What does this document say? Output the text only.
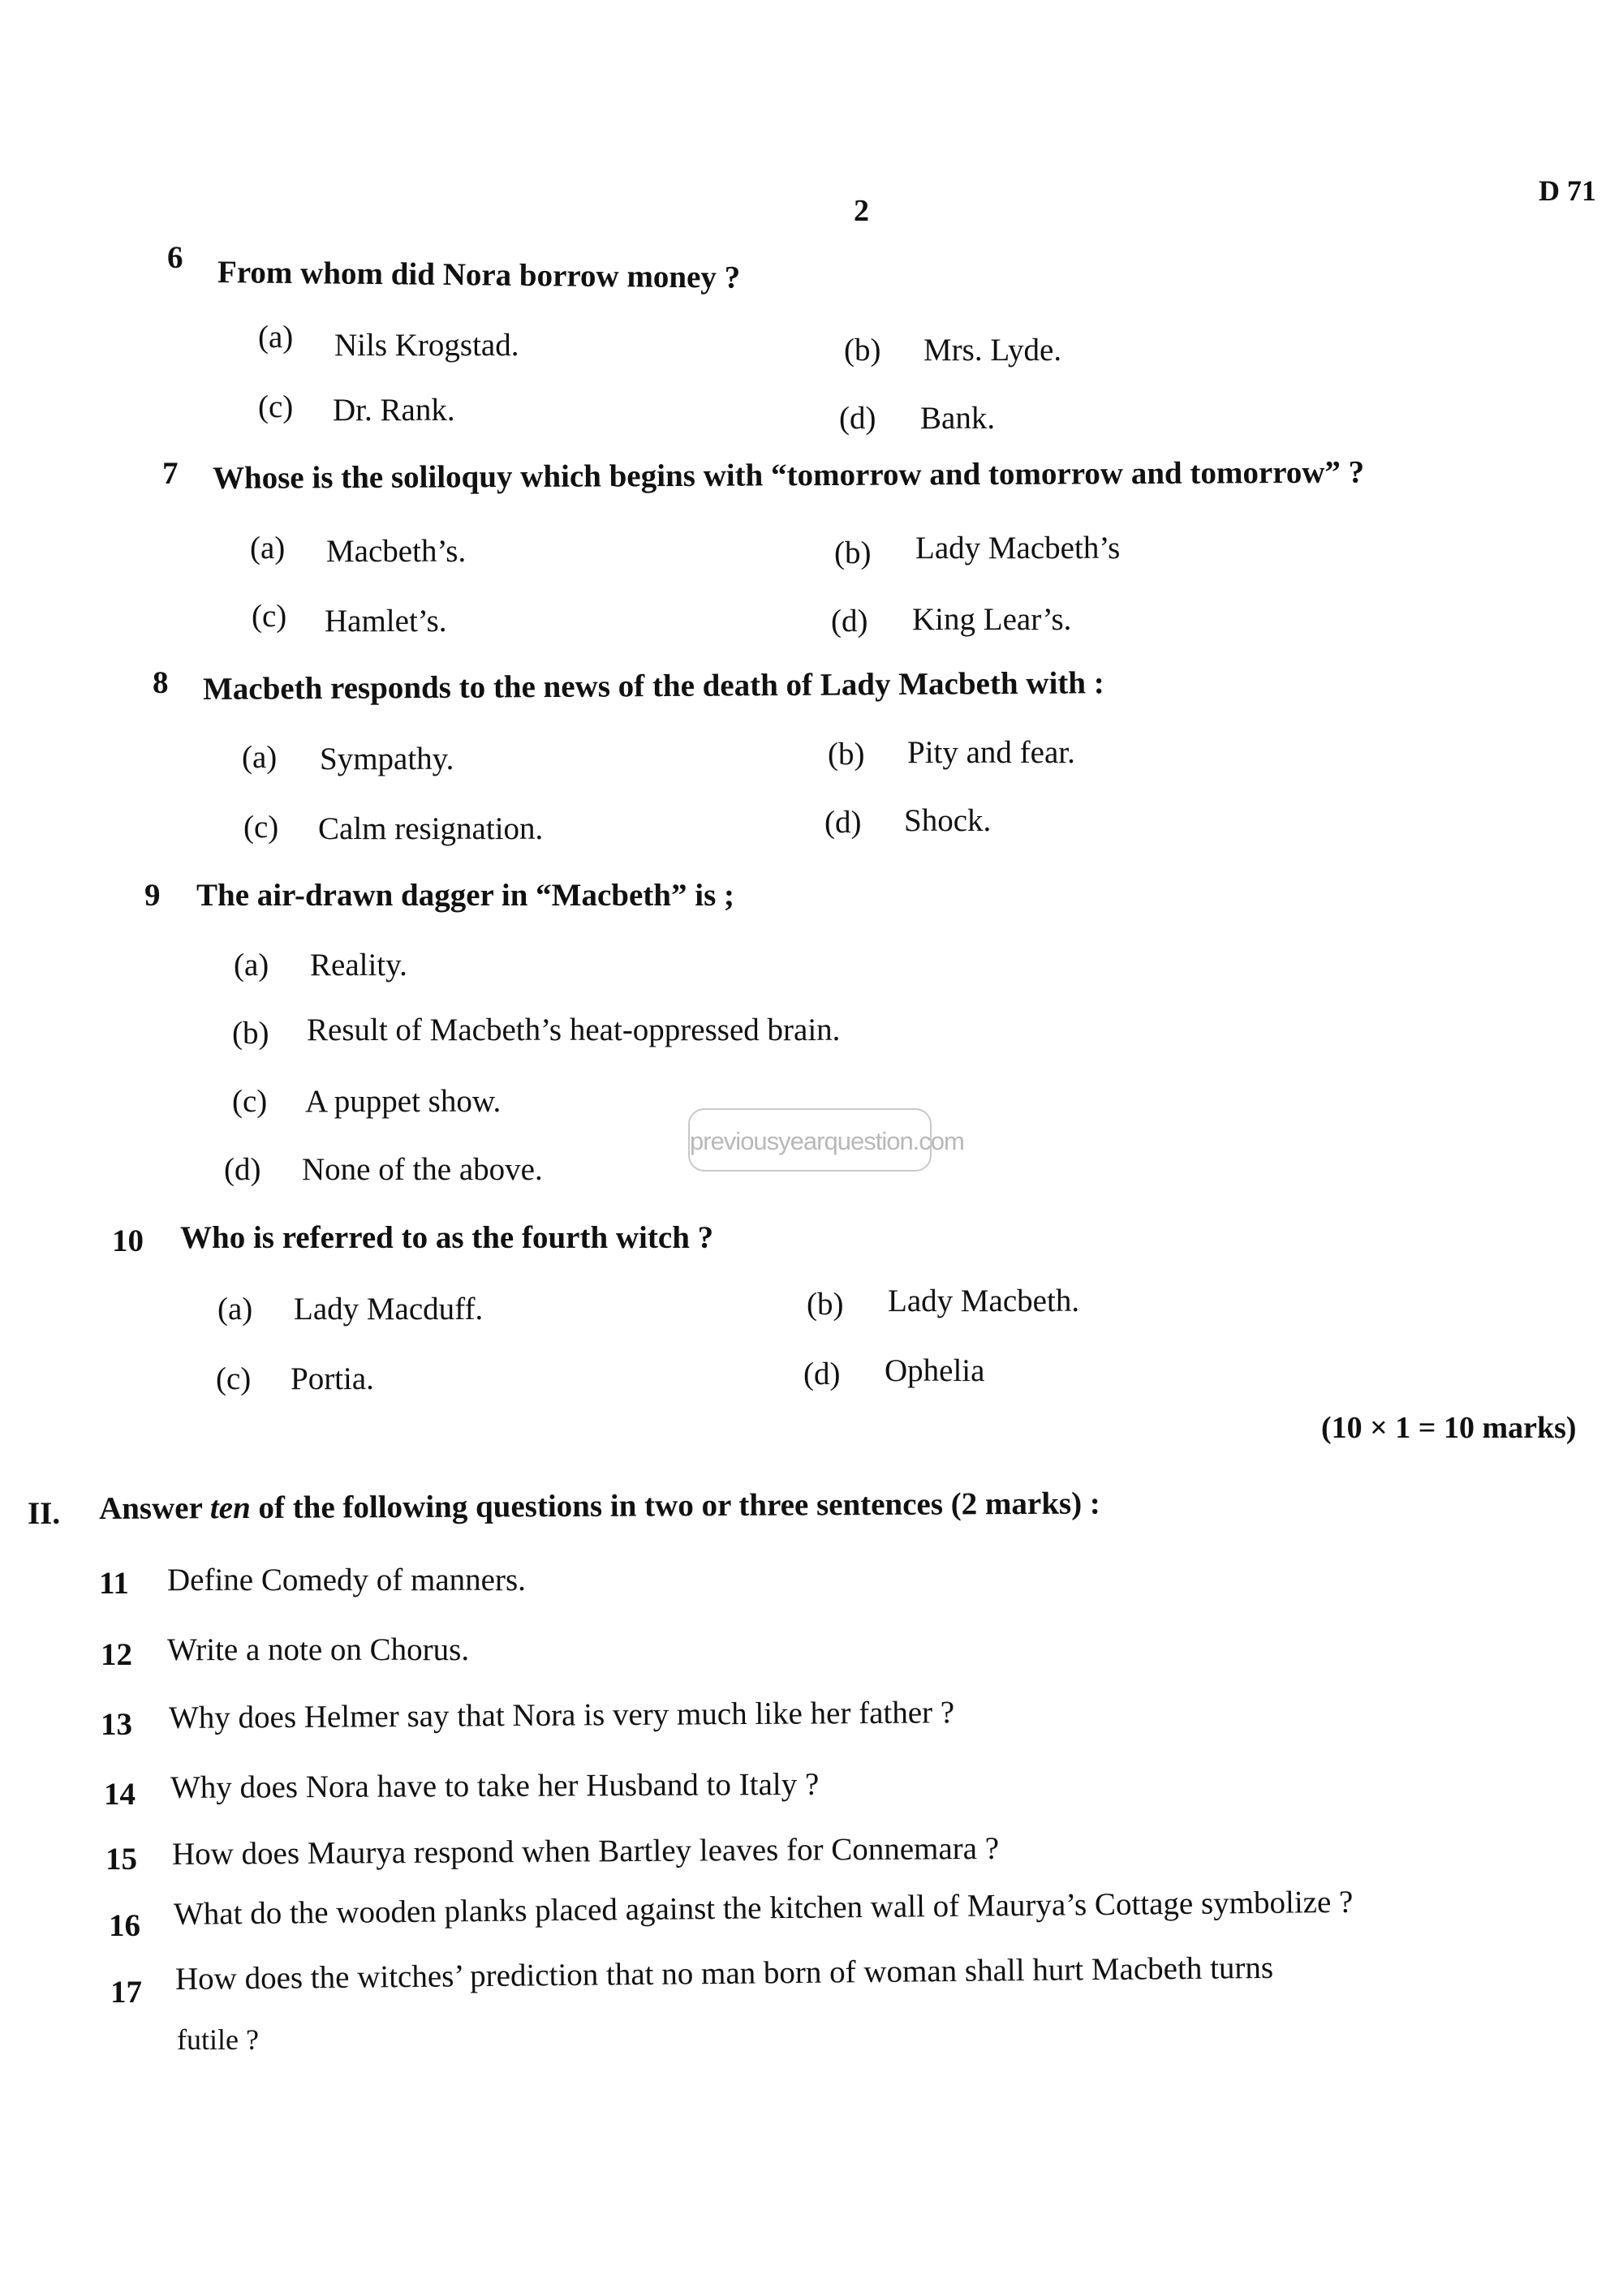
2
D 71
6 From whom did Nora borrow money ?
(a) Nils Krogstad.	(b) Mrs. Lyde.
(c) Dr. Rank.	(d) Bank.
7 Whose is the soliloquy which begins with “tomorrow and tomorrow and tomorrow” ?
(a) Macbeth’s.	(b) Lady Macbeth’s
(c) Hamlet’s.	(d) King Lear’s.
8 Macbeth responds to the news of the death of Lady Macbeth with :
(a) Sympathy.	(b) Pity and fear.
(c) Calm resignation.	(d) Shock.
9 The air-drawn dagger in “Macbeth” is ;
(a) Reality.
(b) Result of Macbeth’s heat-oppressed brain.
(c) A puppet show.
(d) None of the above.
10 Who is referred to as the fourth witch ?
(a) Lady Macduff.	(b) Lady Macbeth.
(c) Portia.	(d) Ophelia
(10 × 1 = 10 marks)
II. Answer ten of the following questions in two or three sentences (2 marks) :
11 Define Comedy of manners.
12 Write a note on Chorus.
13 Why does Helmer say that Nora is very much like her father ?
14 Why does Nora have to take her Husband to Italy ?
15 How does Maurya respond when Bartley leaves for Connemara ?
16 What do the wooden planks placed against the kitchen wall of Maurya’s Cottage symbolize ?
17 How does the witches’ prediction that no man born of woman shall hurt Macbeth turns
futile ?
previousyearquestion.com
